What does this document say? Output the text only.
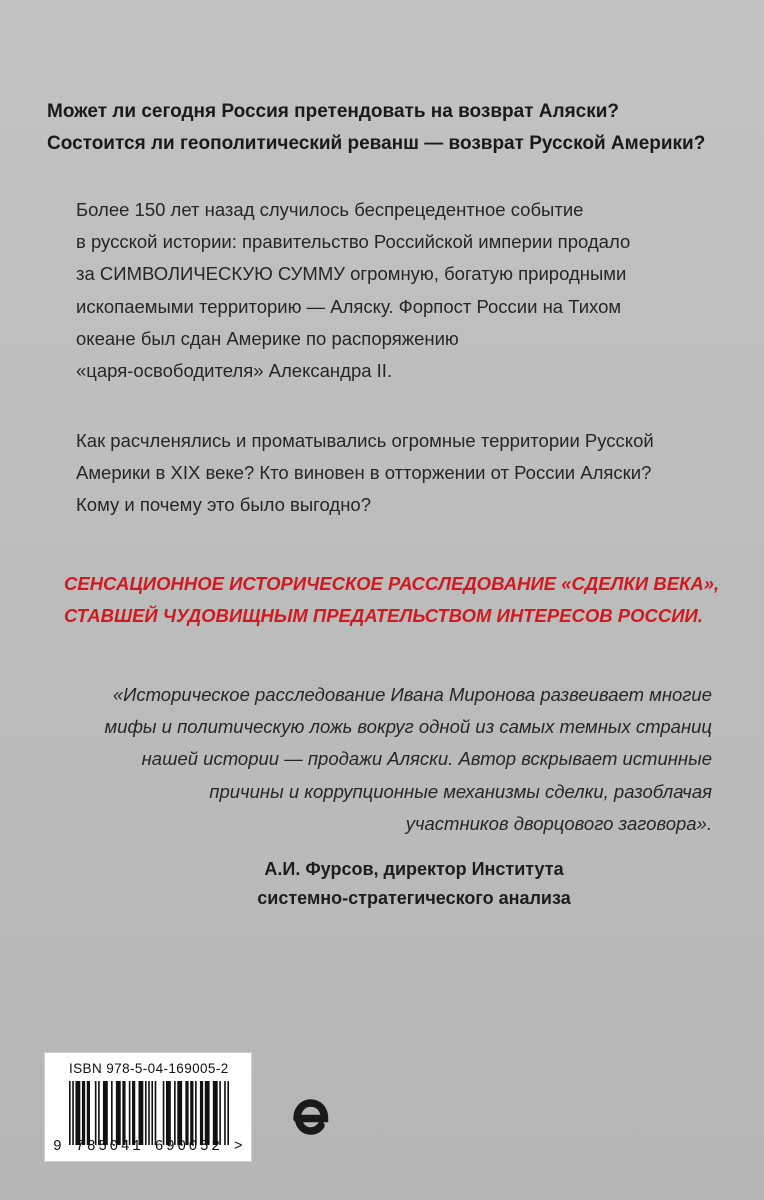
Может ли сегодня Россия претендовать на возврат Аляски?
Состоится ли геополитический реванш — возврат Русской Америки?
Более 150 лет назад случилось беспрецедентное событие
в русской истории: правительство Российской империи продало
за СИМВОЛИЧЕСКУЮ СУММУ огромную, богатую природными
ископаемыми территорию — Аляску. Форпост России на Тихом
океане был сдан Америке по распоряжению
«царя-освободителя» Александра II.
Как расчленялись и проматывались огромные территории Русской
Америки в XIX веке? Кто виновен в отторжении от России Аляски?
Кому и почему это было выгодно?
СЕНСАЦИОННОЕ ИСТОРИЧЕСКОЕ РАССЛЕДОВАНИЕ «СДЕЛКИ ВЕКА»,
СТАВШЕЙ ЧУДОВИЩНЫМ ПРЕДАТЕЛЬСТВОМ ИНТЕРЕСОВ РОССИИ.
«Историческое расследование Ивана Миронова развеивает многие
мифы и политическую ложь вокруг одной из самых темных страниц
нашей истории — продажи Аляски. Автор вскрывает истинные
причины и коррупционные механизмы сделки, разоблачая
участников дворцового заговора».
А.И. Фурсов, директор Института
системно-стратегического анализа
ISBN 978-5-04-169005-2
9 785041 690052 >
